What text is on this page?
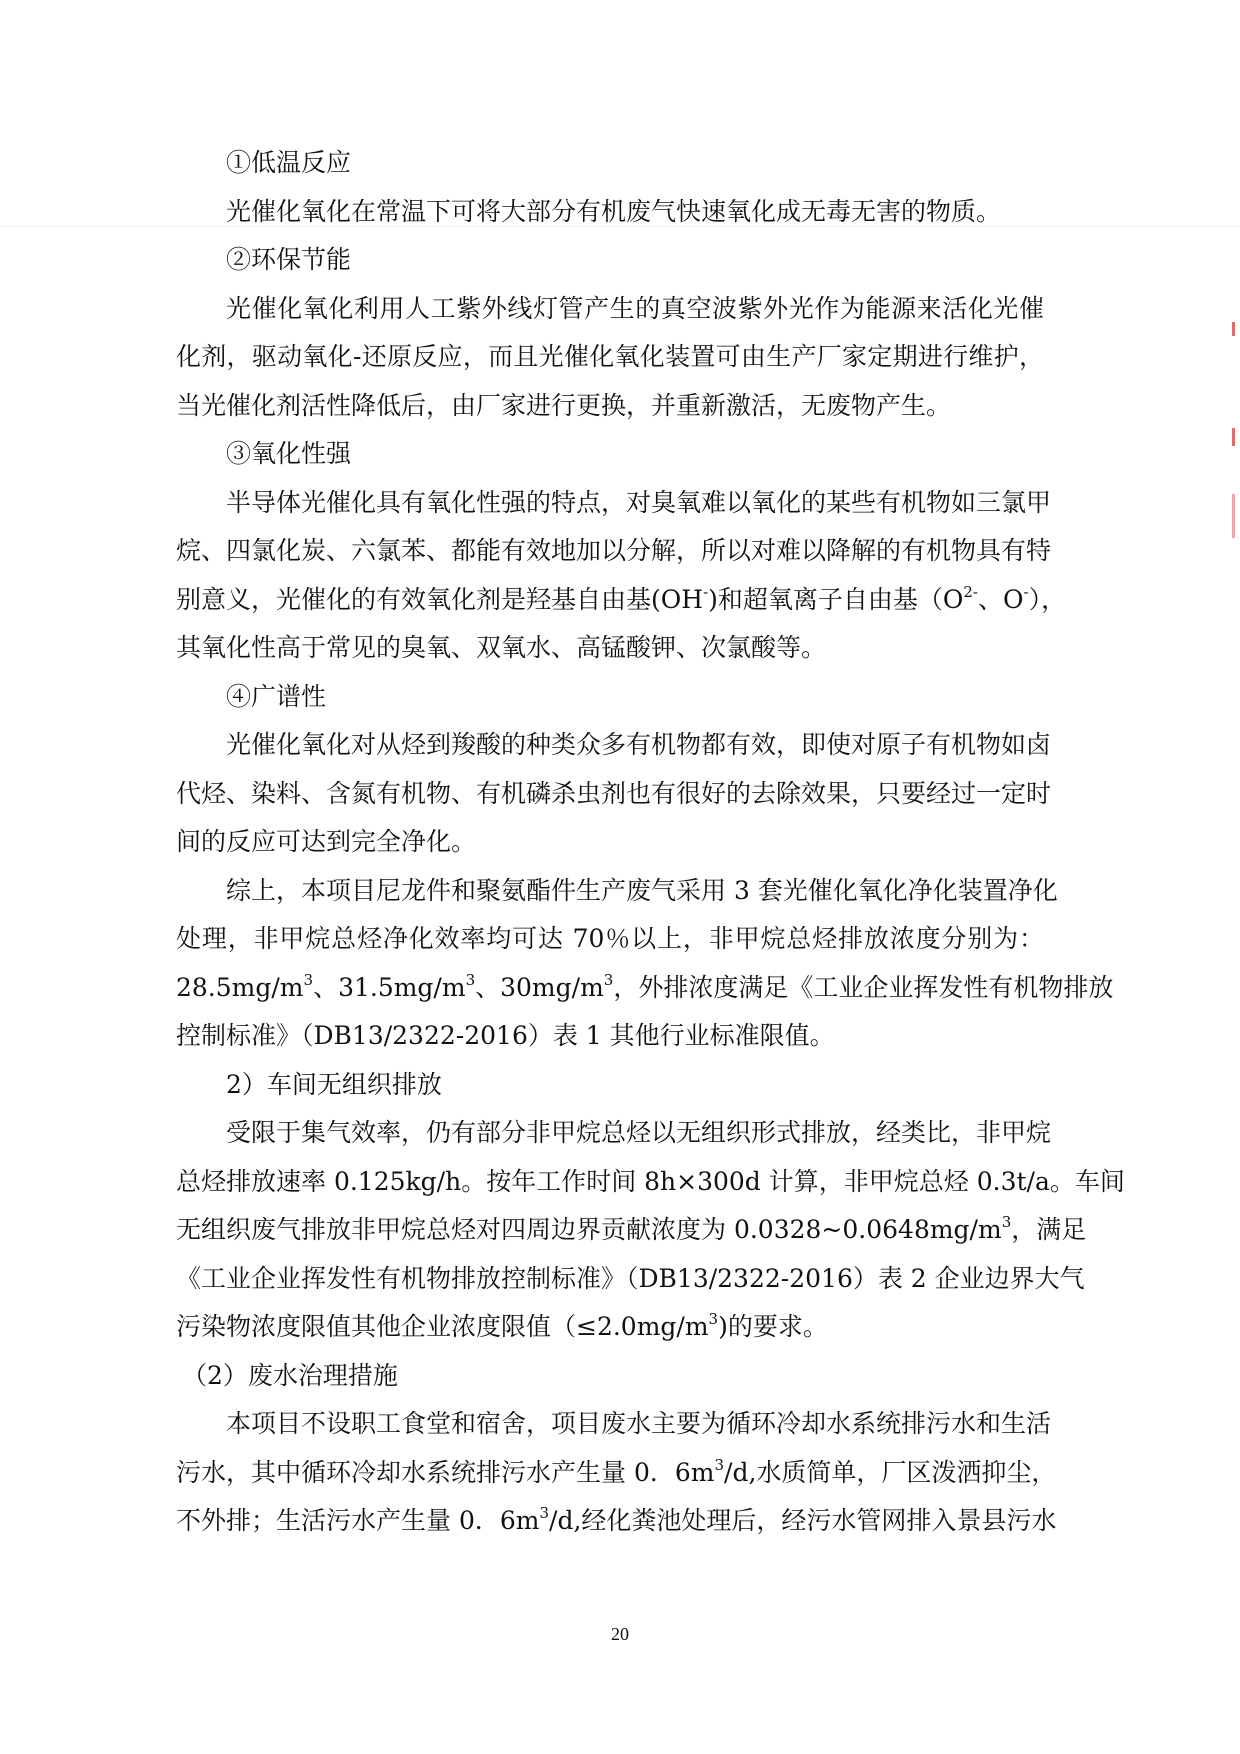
①低温反应
光催化氧化在常温下可将大部分有机废气快速氧化成无毒无害的物质。
②环保节能
光催化氧化利用人工紫外线灯管产生的真空波紫外光作为能源来活化光催
化剂，驱动氧化-还原反应，而且光催化氧化装置可由生产厂家定期进行维护，
当光催化剂活性降低后，由厂家进行更换，并重新激活，无废物产生。
③氧化性强
半导体光催化具有氧化性强的特点，对臭氧难以氧化的某些有机物如三氯甲
烷、四氯化炭、六氯苯、都能有效地加以分解，所以对难以降解的有机物具有特
别意义，光催化的有效氧化剂是羟基自由基(OH-)和超氧离子自由基（$O^{2-}$、O-），
其氧化性高于常见的臭氧、双氧水、高锰酸钾、次氯酸等。
④广谱性
光催化氧化对从烃到羧酸的种类众多有机物都有效，即使对原子有机物如卤
代烃、染料、含氮有机物、有机磷杀虫剂也有很好的去除效果，只要经过一定时
间的反应可达到完全净化。
综上，本项目尼龙件和聚氨酯件生产废气采用 3 套光催化氧化净化装置净化
处理，非甲烷总烃净化效率均可达 70％以上，非甲烷总烃排放浓度分别为：
$28.5mg/m^3$、$31.5mg/m^3$、$30mg/m^3$，外排浓度满足《工业企业挥发性有机物排放
控制标准》（DB13/2322-2016）表 1 其他行业标准限值。
2）车间无组织排放
受限于集气效率，仍有部分非甲烷总烃以无组织形式排放，经类比，非甲烷
总烃排放速率 0.125kg/h。按年工作时间 8h×300d 计算，非甲烷总烃 0.3t/a。车间
无组织废气排放非甲烷总烃对四周边界贡献浓度为 $0.0328\sim 0.0648mg/m^3$，满足
《工业企业挥发性有机物排放控制标准》（DB13/2322-2016）表 2 企业边界大气
污染物浓度限值其他企业浓度限值$(\le 2.0mg/m^3)$的要求。
（2）废水治理措施
本项目不设职工食堂和宿舍，项目废水主要为循环冷却水系统排污水和生活
污水，其中循环冷却水系统排污水产生量 0．$6m^3/d$,水质简单，厂区泼洒抑尘，
不外排；生活污水产生量 0．$6m^3/d$,经化粪池处理后，经污水管网排入景县污水
20
